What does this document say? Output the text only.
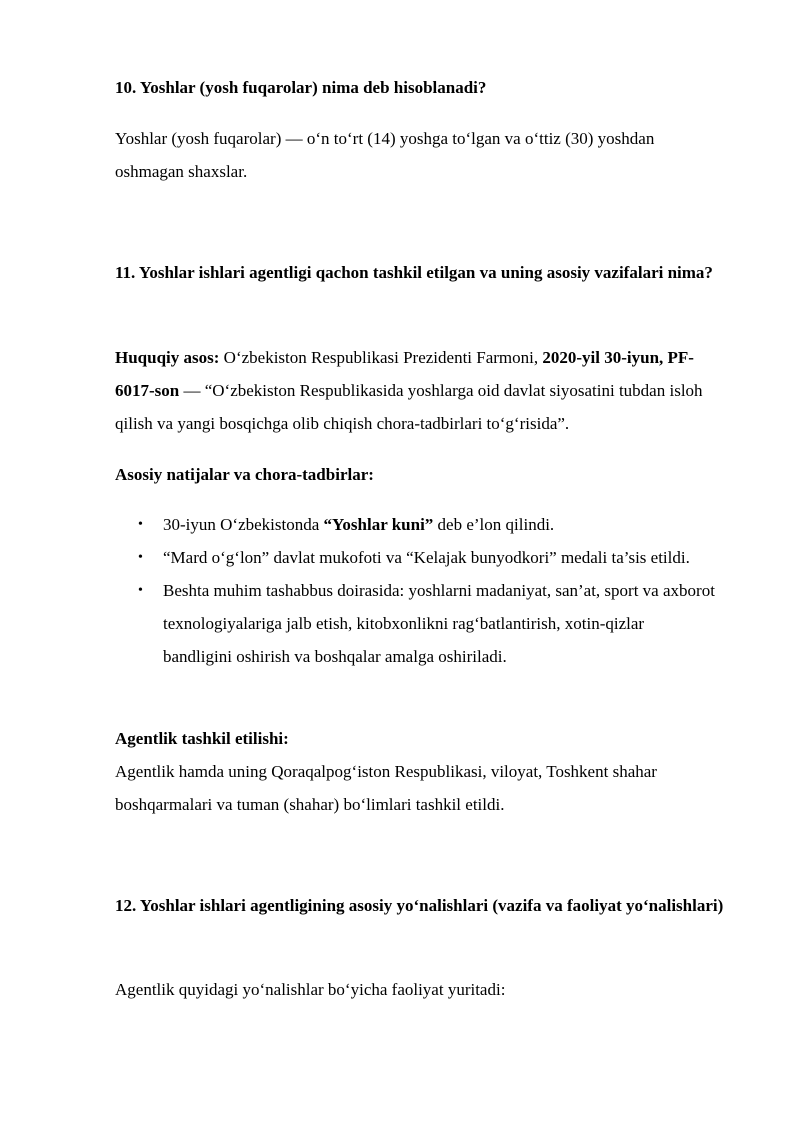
10. Yoshlar (yosh fuqarolar) nima deb hisoblanadi?

Yoshlar (yosh fuqarolar) — o‘n to‘rt (14) yoshga to‘lgan va o‘ttiz (30) yoshdan oshmagan shaxslar.

11. Yoshlar ishlari agentligi qachon tashkil etilgan va uning asosiy vazifalari nima?

Huquqiy asos: O‘zbekiston Respublikasi Prezidenti Farmoni, 2020-yil 30-iyun, PF-6017-son — “O‘zbekiston Respublikasida yoshlarga oid davlat siyosatini tubdan isloh qilish va yangi bosqichga olib chiqish chora-tadbirlari to‘g‘risida”.

Asosiy natijalar va chora-tadbirlar:

• 30-iyun O‘zbekistonda “Yoshlar kuni” deb e’lon qilindi.
• “Mard o‘g‘lon” davlat mukofoti va “Kelajak bunyodkori” medali ta’sis etildi.
• Beshta muhim tashabbus doirasida: yoshlarni madaniyat, san’at, sport va axborot texnologiyalariga jalb etish, kitobxonlikni rag‘batlantirish, xotin-qizlar bandligini oshirish va boshqalar amalga oshiriladi.

Agentlik tashkil etilishi:

Agentlik hamda uning Qoraqalpog‘iston Respublikasi, viloyat, Toshkent shahar boshqarmalari va tuman (shahar) bo‘limlari tashkil etildi.

12. Yoshlar ishlari agentligining asosiy yo‘nalishlari (vazifa va faoliyat yo‘nalishlari)

Agentlik quyidagi yo‘nalishlar bo‘yicha faoliyat yuritadi:
